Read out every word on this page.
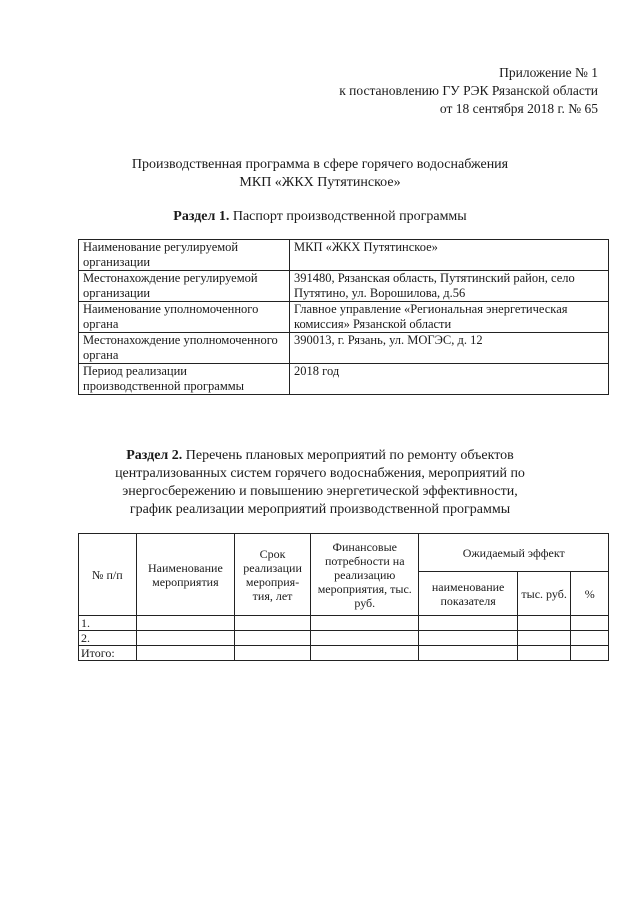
Приложение № 1
к постановлению ГУ РЭК Рязанской области
от 18 сентября 2018 г. № 65
Производственная программа в сфере горячего водоснабжения
МКП «ЖКХ Путятинское»
Раздел 1. Паспорт производственной программы
Наименование регулируемой организации	МКП «ЖКХ Путятинское»
Местонахождение регулируемой организации	391480, Рязанская область, Путятинский район, село Путятино, ул. Ворошилова, д.56
Наименование уполномоченного органа	Главное управление «Региональная энергетическая комиссия» Рязанской области
Местонахождение уполномоченного органа	390013, г. Рязань, ул. МОГЭС, д. 12
Период реализации производственной программы	2018 год
Раздел 2. Перечень плановых мероприятий по ремонту объектов
централизованных систем горячего водоснабжения, мероприятий по
энергосбережению и повышению энергетической эффективности,
график реализации мероприятий производственной программы
№ п/п	Наименование мероприятия	Срок реализации мероприя-тия, лет	Финансовые потребности на реализацию мероприятия, тыс. руб.	Ожидаемый эффект		
				наименование показателя	тыс. руб.	%
1.						
2.						
Итого:						
